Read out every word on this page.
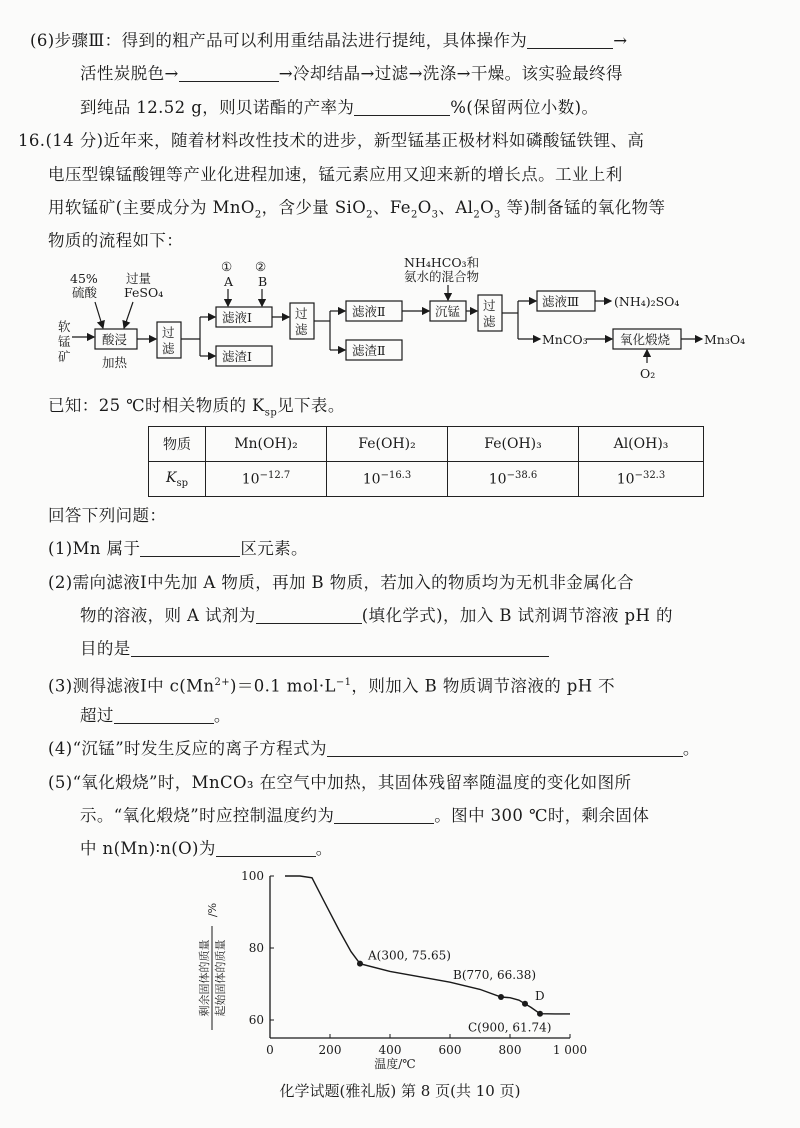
(6)步骤Ⅲ：得到的粗产品可以利用重结晶法进行提纯，具体操作为	→
活性炭脱色→	→冷却结晶→过滤→洗涤→干燥。该实验最终得
到纯品 12.52 g，则贝诺酯的产率为	%(保留两位小数)。
16.(14 分)近年来，随着材料改性技术的进步，新型锰基正极材料如磷酸锰铁锂、高
电压型镍锰酸锂等产业化进程加速，锰元素应用又迎来新的增长点。工业上利
用软锰矿(主要成分为 MnO$_2$，含少量 SiO$_2$、$Fe_2O_3$、$Al_2O_3$ 等)制备锰的氧化物等
物质的流程如下：
45%
硫酸
过量
FeSO₄
软
锰
矿
酸浸
加热
过
滤
① ②
A B
滤液Ⅰ
滤渣Ⅰ
过
滤
滤液Ⅱ
滤渣Ⅱ
NH₄HCO₃和
氨水的混合物
沉锰 过
滤
滤液Ⅲ	(NH₄)₂SO₄
MnCO₃	氧化煅烧	Mn₃O₄
O₂
已知：25 ℃时相关物质的 $K_{sp}$见下表。
物质	Mn(OH)₂	Fe(OH)₂	Fe(OH)₃	Al(OH)₃
$K_{sp}$	$10^{-12.7}$	$10^{-16.3}$	$10^{-38.6}$	$10^{-32.3}$
回答下列问题：
(1)Mn 属于	区元素。
(2)需向滤液Ⅰ中先加 A 物质，再加 B 物质，若加入的物质均为无机非金属化合
物的溶液，则 A 试剂为	(填化学式)，加入 B 试剂调节溶液 pH 的
目的是
(3)测得滤液Ⅰ中 $c(Mn^{2+})=0.1$ $mol\cdot L^{-1}$，则加入 B 物质调节溶液的 pH 不
超过	。
(4)“沉锰”时发生反应的离子方程式为	。
(5)“氧化煅烧”时，MnCO₃ 在空气中加热，其固体残留率随温度的变化如图所
示。“氧化煅烧”时应控制温度约为	。图中 300 ℃时，剩余固体
中 n(Mn)∶n(O)为	。
0	200	400	600	800	1 000
60
80
100
A(300, 75.65)
B(770, 66.38)
D
C(900, 61.74)
温度/℃
剩余固体的质量 起始固体的质量
/%
化学试题(雅礼版) 第 8 页(共 10 页)
